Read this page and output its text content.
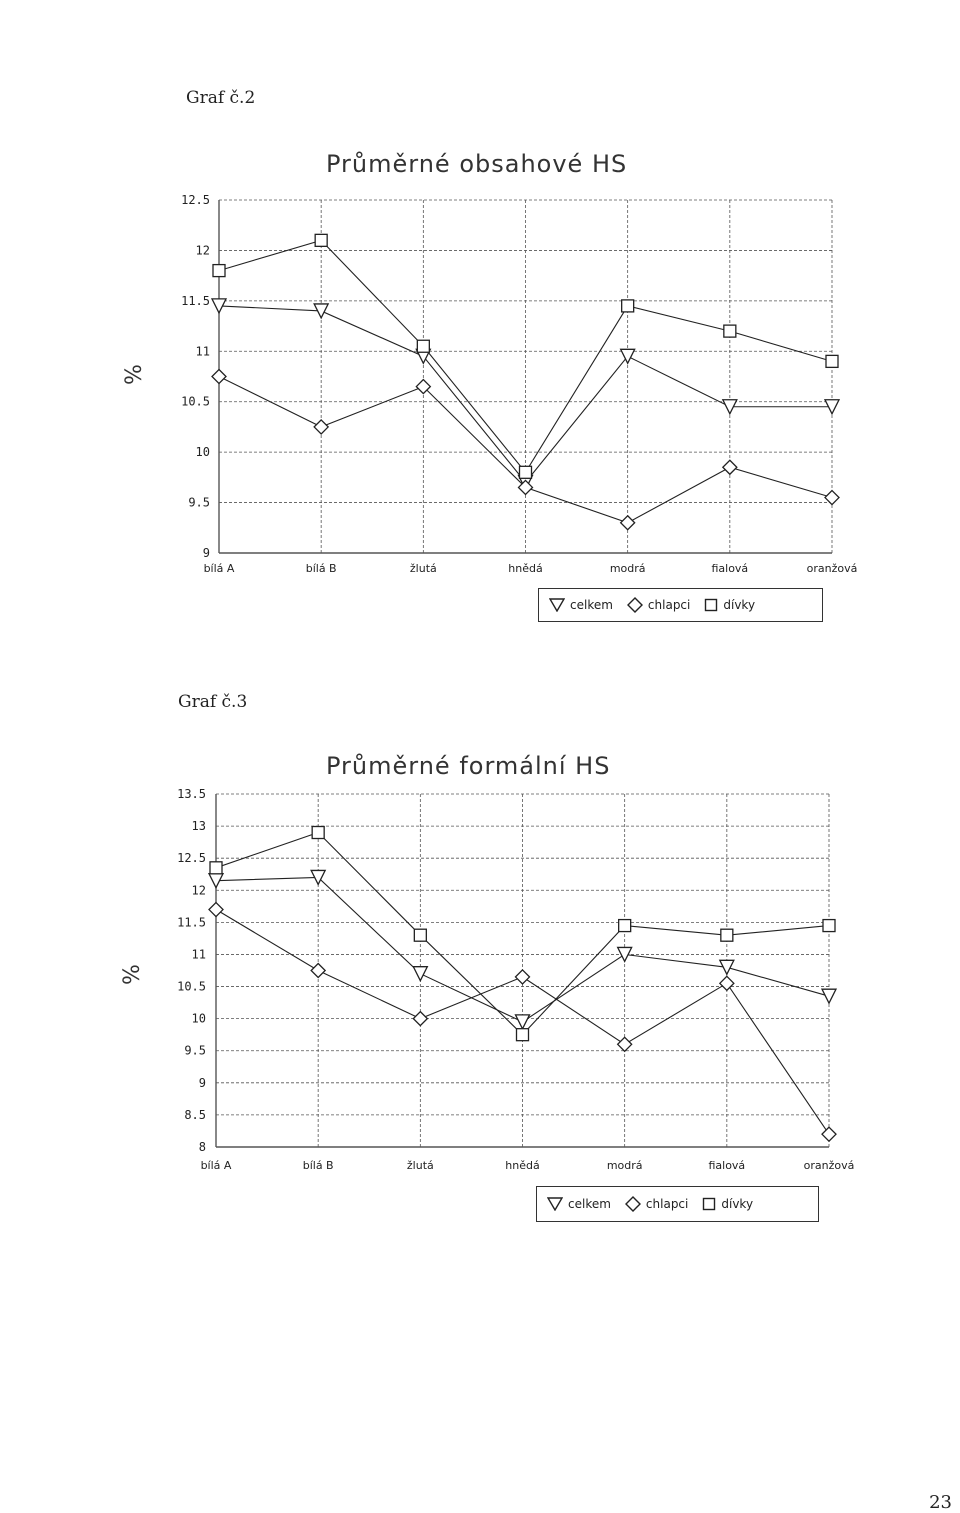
Graf č.2
Průměrné obsahové HS
%
12.5
12
11.5
11
10.5
10
9.5
9
bílá A	bílá B	žlutá	hnědá	modrá	fialová	oranžová
celkem	chlapci	dívky
Graf č.3
Průměrné formální HS
%
13.5
13
12.5
12
11.5
11
10.5
10
9.5
9
8.5
8
bílá A	bílá B	žlutá	hnědá	modrá	fialová	oranžová
celkem	chlapci	dívky
23
